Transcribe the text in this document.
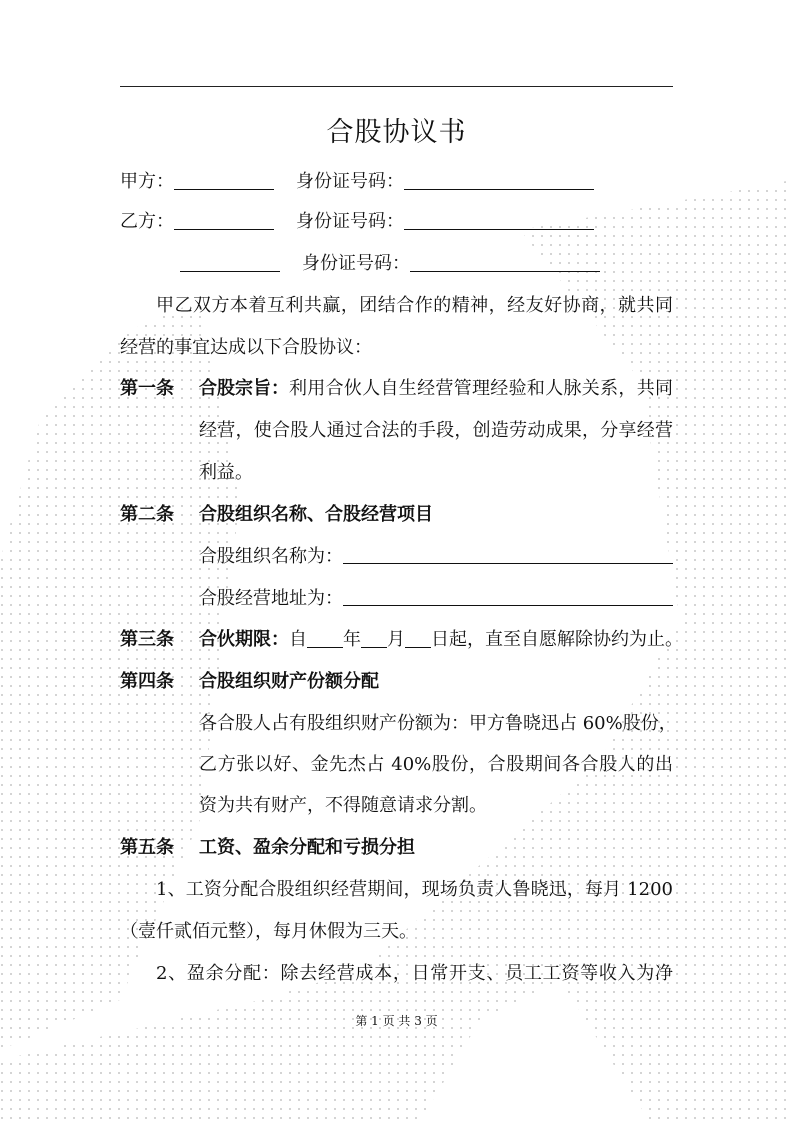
合股协议书
甲方：	身份证号码：
乙方：	身份证号码：
身份证号码：
甲乙双方本着互利共赢，团结合作的精神，经友好协商，就共同
经营的事宜达成以下合股协议：
第一条 合股宗旨： 利用合伙人自生经营管理经验和人脉关系，共同
经营，使合股人通过合法的手段，创造劳动成果，分享经营
利益。
第二条 合股组织名称、合股经营项目
合股组织名称为：
合股经营地址为：
第三条 合伙期限：自 年 月 日起，直至自愿解除协约为止。
第四条 合股组织财产份额分配
各合股人占有股组织财产份额为：甲方鲁晓迅占 60%股份，
乙方张以好、金先杰占 40%股份，合股期间各合股人的出
资为共有财产，不得随意请求分割。
第五条 工资、盈余分配和亏损分担
1、工资分配合股组织经营期间，现场负责人鲁晓迅，每月 1200
（壹仟贰佰元整），每月休假为三天。
2、盈余分配：除去经营成本，日常开支、员工工资等收入为净
第 1 页 共 3 页
